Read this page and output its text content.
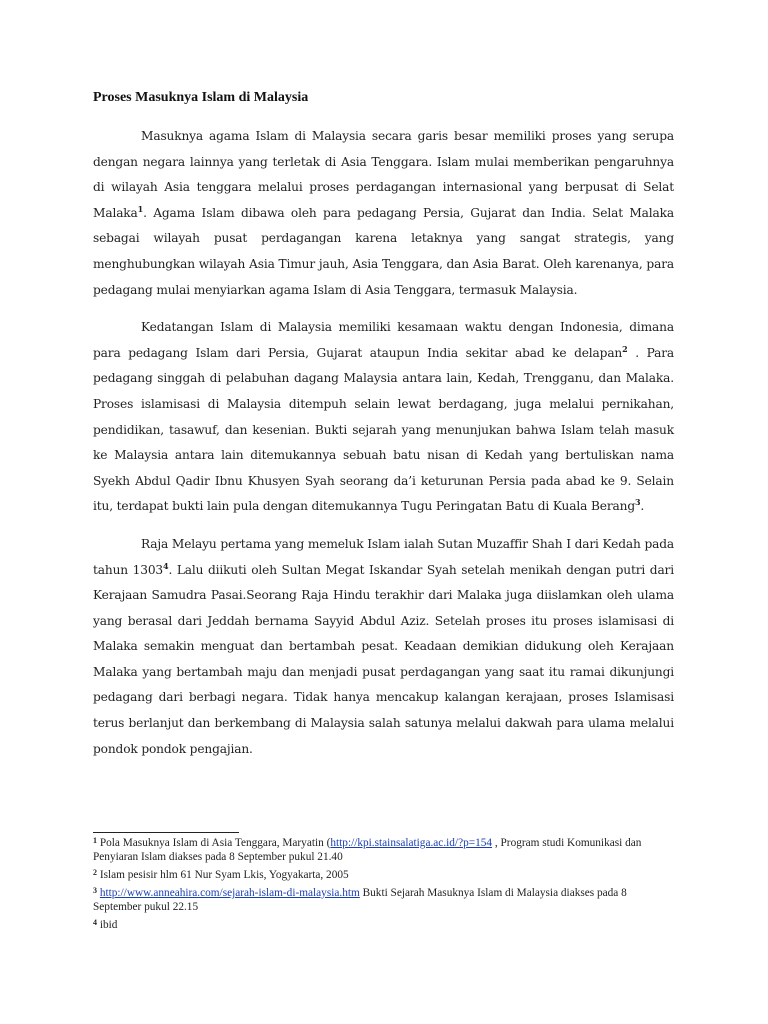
Proses Masuknya Islam di Malaysia

Masuknya agama Islam di Malaysia secara garis besar memiliki proses yang serupa dengan negara lainnya yang terletak di Asia Tenggara. Islam mulai memberikan pengaruhnya di wilayah Asia tenggara melalui proses perdagangan internasional yang berpusat di Selat Malaka$^1$. Agama Islam dibawa oleh para pedagang Persia, Gujarat dan India. Selat Malaka sebagai wilayah pusat perdagangan karena letaknya yang sangat strategis, yang menghubungkan wilayah Asia Timur jauh, Asia Tenggara, dan Asia Barat. Oleh karenanya, para pedagang mulai menyiarkan agama Islam di Asia Tenggara, termasuk Malaysia.

Kedatangan Islam di Malaysia memiliki kesamaan waktu dengan Indonesia, dimana para pedagang Islam dari Persia, Gujarat ataupun India sekitar abad ke delapan$^2$ . Para pedagang singgah di pelabuhan dagang Malaysia antara lain, Kedah, Trengganu, dan Malaka. Proses islamisasi di Malaysia ditempuh selain lewat berdagang, juga melalui pernikahan, pendidikan, tasawuf, dan kesenian. Bukti sejarah yang menunjukan bahwa Islam telah masuk ke Malaysia antara lain ditemukannya sebuah batu nisan di Kedah yang bertuliskan nama Syekh Abdul Qadir Ibnu Khusyen Syah seorang da’i keturunan Persia pada abad ke 9. Selain itu, terdapat bukti lain pula dengan ditemukannya Tugu Peringatan Batu di Kuala Berang$^3$.

Raja Melayu pertama yang memeluk Islam ialah Sutan Muzaffir Shah I dari Kedah pada tahun 1303$^4$. Lalu diikuti oleh Sultan Megat Iskandar Syah setelah menikah dengan putri dari Kerajaan Samudra Pasai.Seorang Raja Hindu terakhir dari Malaka juga diislamkan oleh ulama yang berasal dari Jeddah bernama Sayyid Abdul Aziz. Setelah proses itu proses islamisasi di Malaka semakin menguat dan bertambah pesat. Keadaan demikian didukung oleh Kerajaan Malaka yang bertambah maju dan menjadi pusat perdagangan yang saat itu ramai dikunjungi pedagang dari berbagi negara. Tidak hanya mencakup kalangan kerajaan, proses Islamisasi terus berlanjut dan berkembang di Malaysia salah satunya melalui dakwah para ulama melalui pondok pondok pengajian.

$^1$ Pola Masuknya Islam di Asia Tenggara, Maryatin (http://kpi.stainsalatiga.ac.id/?p=154 , Program studi Komunikasi dan Penyiaran Islam diakses pada 8 September pukul 21.40

$^2$ Islam pesisir hlm 61 Nur Syam Lkis, Yogyakarta, 2005

$^3$ http://www.anneahira.com/sejarah-islam-di-malaysia.htm Bukti Sejarah Masuknya Islam di Malaysia diakses pada 8 September pukul 22.15

$^4$ ibid
